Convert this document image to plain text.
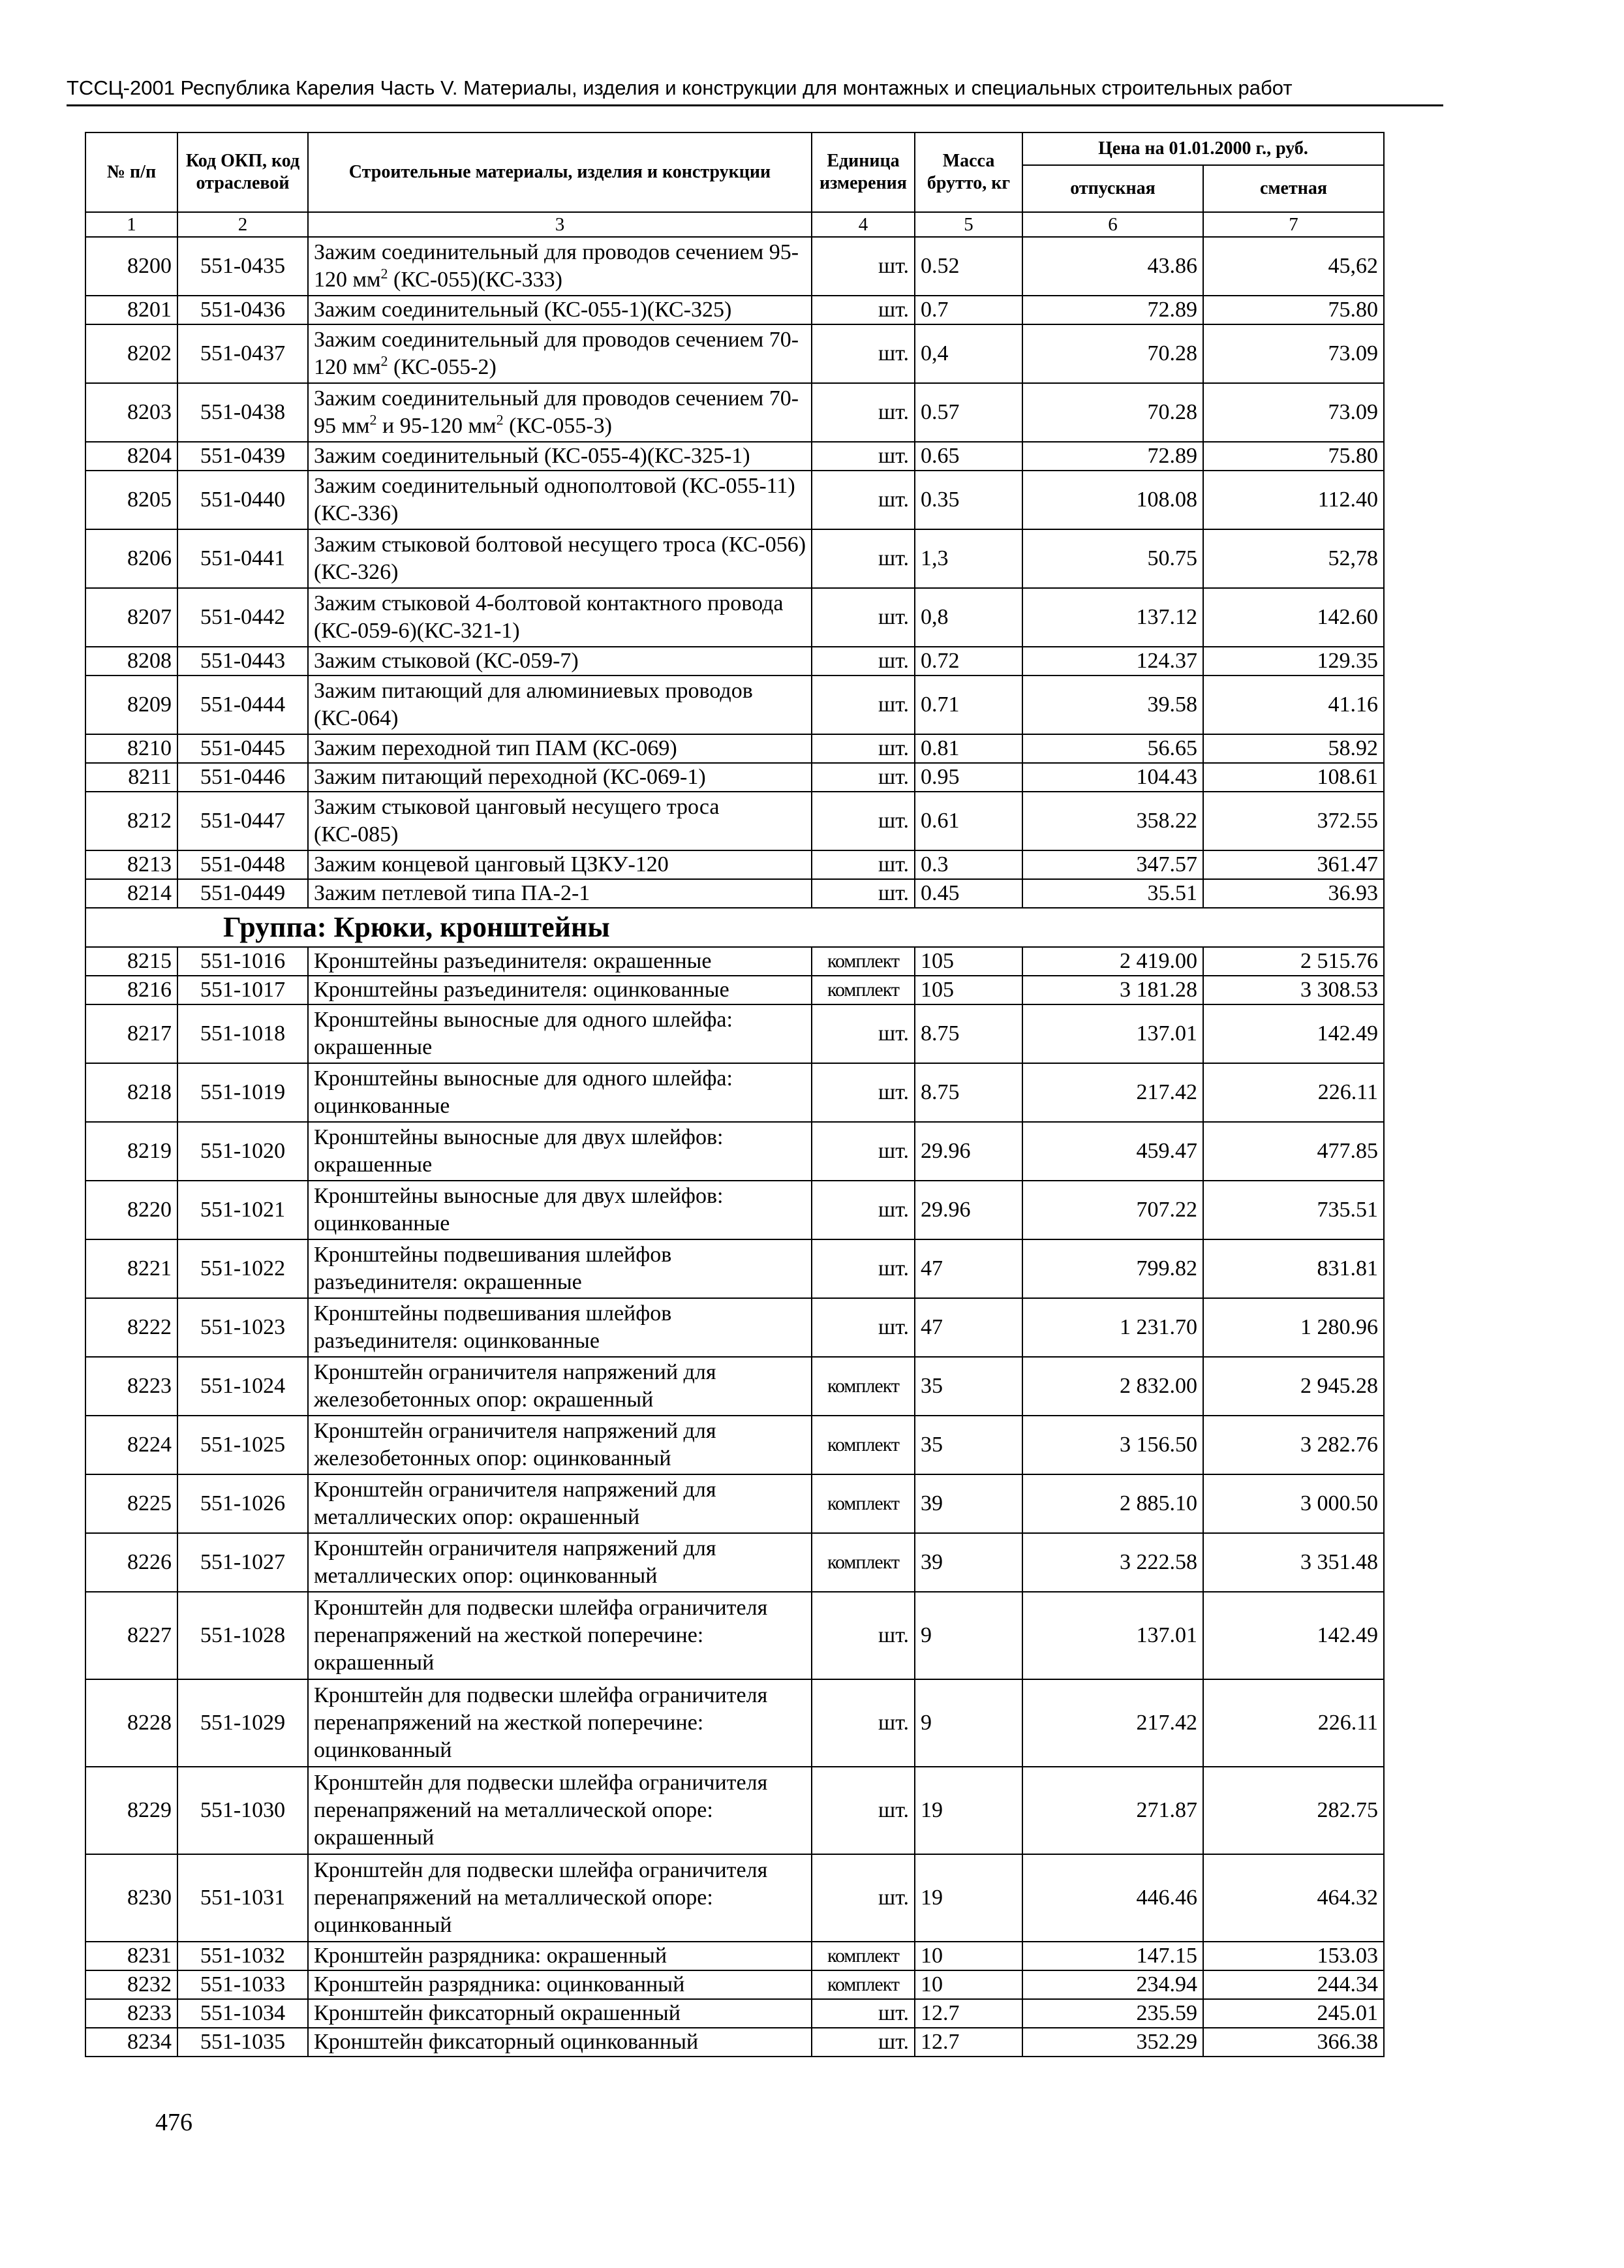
ТССЦ-2001 Республика Карелия Часть V. Материалы, изделия и конструкции для монтажных и специальных строительных работ
№ п/п	Код ОКП, код отраслевой	Строительные материалы, изделия и конструкции	Единица измерения	Масса брутто, кг	Цена на 01.01.2000 г., руб.	
					отпускная	сметная
1	2	3	4	5	6	7
8200	551-0435	Зажим соединительный для проводов сечением 95-120 $мм^2$ (КС-055)(КС-333)	шт.	0.52	43.86	45,62
8201	551-0436	Зажим соединительный (КС-055-1)(КС-325)	шт.	0.7	72.89	75.80
8202	551-0437	Зажим соединительный для проводов сечением 70-120 $мм^2$ (КС-055-2)	шт.	0,4	70.28	73.09
8203	551-0438	Зажим соединительный для проводов сечением 70-95 $мм^2$ и 95-120 $мм^2$ (КС-055-3)	шт.	0.57	70.28	73.09
8204	551-0439	Зажим соединительный (КС-055-4)(КС-325-1)	шт.	0.65	72.89	75.80
8205	551-0440	Зажим соединительный однополтовой (КС-055-11)(КС-336)	шт.	0.35	108.08	112.40
8206	551-0441	Зажим стыковой болтовой несущего троса (КС-056)(КС-326)	шт.	1,3	50.75	52,78
8207	551-0442	Зажим стыковой 4-болтовой контактного провода (КС-059-6)(КС-321-1)	шт.	0,8	137.12	142.60
8208	551-0443	Зажим стыковой (КС-059-7)	шт.	0.72	124.37	129.35
8209	551-0444	Зажим питающий для алюминиевых проводов (КС-064)	шт.	0.71	39.58	41.16
8210	551-0445	Зажим переходной тип ПАМ (КС-069)	шт.	0.81	56.65	58.92
8211	551-0446	Зажим питающий переходной (КС-069-1)	шт.	0.95	104.43	108.61
8212	551-0447	Зажим стыковой цанговый несущего троса (КС-085)	шт.	0.61	358.22	372.55
8213	551-0448	Зажим концевой цанговый ЦЗКУ-120	шт.	0.3	347.57	361.47
8214	551-0449	Зажим петлевой типа ПА-2-1	шт.	0.45	35.51	36.93
Группа: Крюки, кронштейны						
8215	551-1016	Кронштейны разъединителя: окрашенные	комплект	105	2 419.00	2 515.76
8216	551-1017	Кронштейны разъединителя: оцинкованные	комплект	105	3 181.28	3 308.53
8217	551-1018	Кронштейны выносные для одного шлейфа: окрашенные	шт.	8.75	137.01	142.49
8218	551-1019	Кронштейны выносные для одного шлейфа: оцинкованные	шт.	8.75	217.42	226.11
8219	551-1020	Кронштейны выносные для двух шлейфов: окрашенные	шт.	29.96	459.47	477.85
8220	551-1021	Кронштейны выносные для двух шлейфов: оцинкованные	шт.	29.96	707.22	735.51
8221	551-1022	Кронштейны подвешивания шлейфов разъединителя: окрашенные	шт.	47	799.82	831.81
8222	551-1023	Кронштейны подвешивания шлейфов разъединителя: оцинкованные	шт.	47	1 231.70	1 280.96
8223	551-1024	Кронштейн ограничителя напряжений для железобетонных опор: окрашенный	комплект	35	2 832.00	2 945.28
8224	551-1025	Кронштейн ограничителя напряжений для железобетонных опор: оцинкованный	комплект	35	3 156.50	3 282.76
8225	551-1026	Кронштейн ограничителя напряжений для металлических опор: окрашенный	комплект	39	2 885.10	3 000.50
8226	551-1027	Кронштейн ограничителя напряжений для металлических опор: оцинкованный	комплект	39	3 222.58	3 351.48
8227	551-1028	Кронштейн для подвески шлейфа ограничителя перенапряжений на жесткой поперечине: окрашенный	шт.	9	137.01	142.49
8228	551-1029	Кронштейн для подвески шлейфа ограничителя перенапряжений на жесткой поперечине: оцинкованный	шт.	9	217.42	226.11
8229	551-1030	Кронштейн для подвески шлейфа ограничителя перенапряжений на металлической опоре: окрашенный	шт.	19	271.87	282.75
8230	551-1031	Кронштейн для подвески шлейфа ограничителя перенапряжений на металлической опоре: оцинкованный	шт.	19	446.46	464.32
8231	551-1032	Кронштейн разрядника: окрашенный	комплект	10	147.15	153.03
8232	551-1033	Кронштейн разрядника: оцинкованный	комплект	10	234.94	244.34
8233	551-1034	Кронштейн фиксаторный окрашенный	шт.	12.7	235.59	245.01
8234	551-1035	Кронштейн фиксаторный оцинкованный	шт.	12.7	352.29	366.38
476
